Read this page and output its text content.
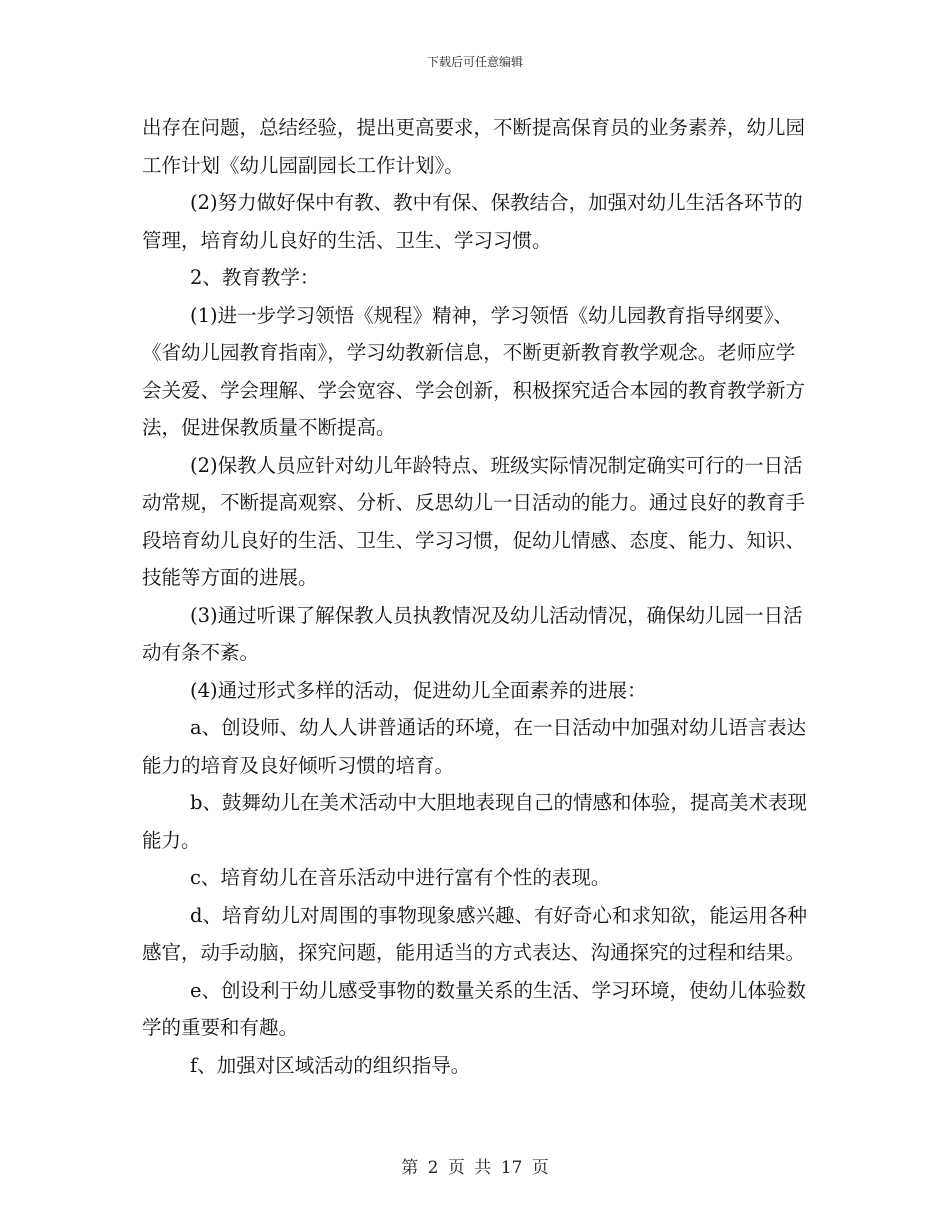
下载后可任意编辑

出存在问题，总结经验，提出更高要求，不断提高保育员的业务素养，幼儿园工作计划《幼儿园副园长工作计划》。

(2)努力做好保中有教、教中有保、保教结合，加强对幼儿生活各环节的管理，培育幼儿良好的生活、卫生、学习习惯。

2、教育教学：

(1)进一步学习领悟《规程》精神，学习领悟《幼儿园教育指导纲要》、《省幼儿园教育指南》，学习幼教新信息，不断更新教育教学观念。老师应学会关爱、学会理解、学会宽容、学会创新，积极探究适合本园的教育教学新方法，促进保教质量不断提高。

(2)保教人员应针对幼儿年龄特点、班级实际情况制定确实可行的一日活动常规，不断提高观察、分析、反思幼儿一日活动的能力。通过良好的教育手段培育幼儿良好的生活、卫生、学习习惯，促幼儿情感、态度、能力、知识、技能等方面的进展。

(3)通过听课了解保教人员执教情况及幼儿活动情况，确保幼儿园一日活动有条不紊。

(4)通过形式多样的活动，促进幼儿全面素养的进展：

a、创设师、幼人人讲普通话的环境，在一日活动中加强对幼儿语言表达能力的培育及良好倾听习惯的培育。

b、鼓舞幼儿在美术活动中大胆地表现自己的情感和体验，提高美术表现能力。

c、培育幼儿在音乐活动中进行富有个性的表现。

d、培育幼儿对周围的事物现象感兴趣、有好奇心和求知欲，能运用各种感官，动手动脑，探究问题，能用适当的方式表达、沟通探究的过程和结果。

e、创设利于幼儿感受事物的数量关系的生活、学习环境，使幼儿体验数学的重要和有趣。

f、加强对区域活动的组织指导。

第 2 页 共 17 页
